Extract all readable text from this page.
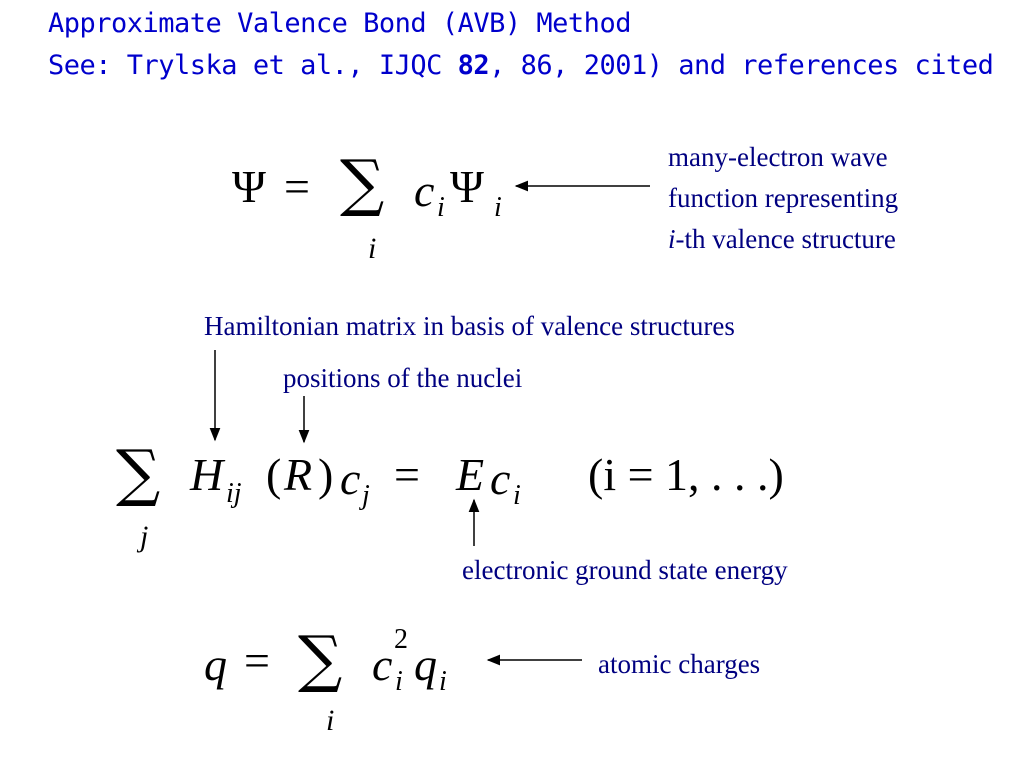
Approximate Valence Bond (AVB) Method
See: Trylska et al., IJQC 82, 86, 2001) and references cited
Ψ = ∑
i
c i Ψ i
many-electron wave
function representing
i-th valence structure
Hamiltonian matrix in basis of valence structures
positions of the nuclei
∑
j
H ij ( R ) c j = E c i (i = 1, . . .)
electronic ground state energy
q = ∑
i
c 2
i q i
atomic charges
